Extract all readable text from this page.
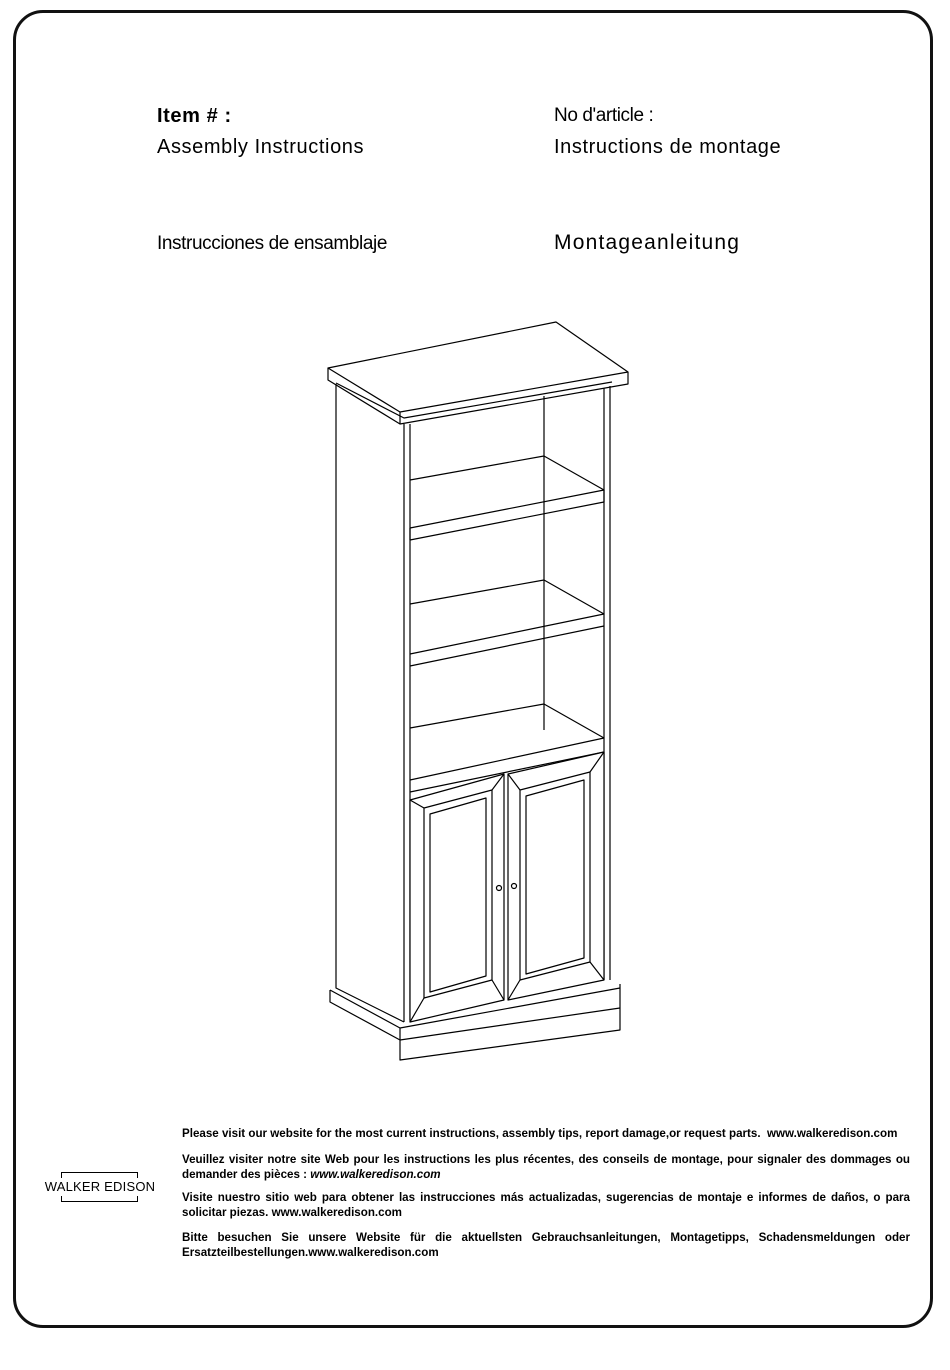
Item # :	No d'article :
Assembly Instructions	Instructions de montage
Instrucciones de ensamblaje	Montageanleitung
Please visit our website for the most current instructions, assembly tips, report damage,or request parts. www.walkeredison.com
Veuillez visiter notre site Web pour les instructions les plus récentes, des conseils de montage, pour signaler des dommages ou demander des pièces : www.walkeredison.com
Visite nuestro sitio web para obtener las instrucciones más actualizadas, sugerencias de montaje e informes de daños, o para solicitar piezas. www.walkeredison.com
Bitte besuchen Sie unsere Website für die aktuellsten Gebrauchsanleitungen, Montagetipps, Schadensmeldungen oder Ersatzteilbestellungen.www.walkeredison.com
WALKER EDISON
